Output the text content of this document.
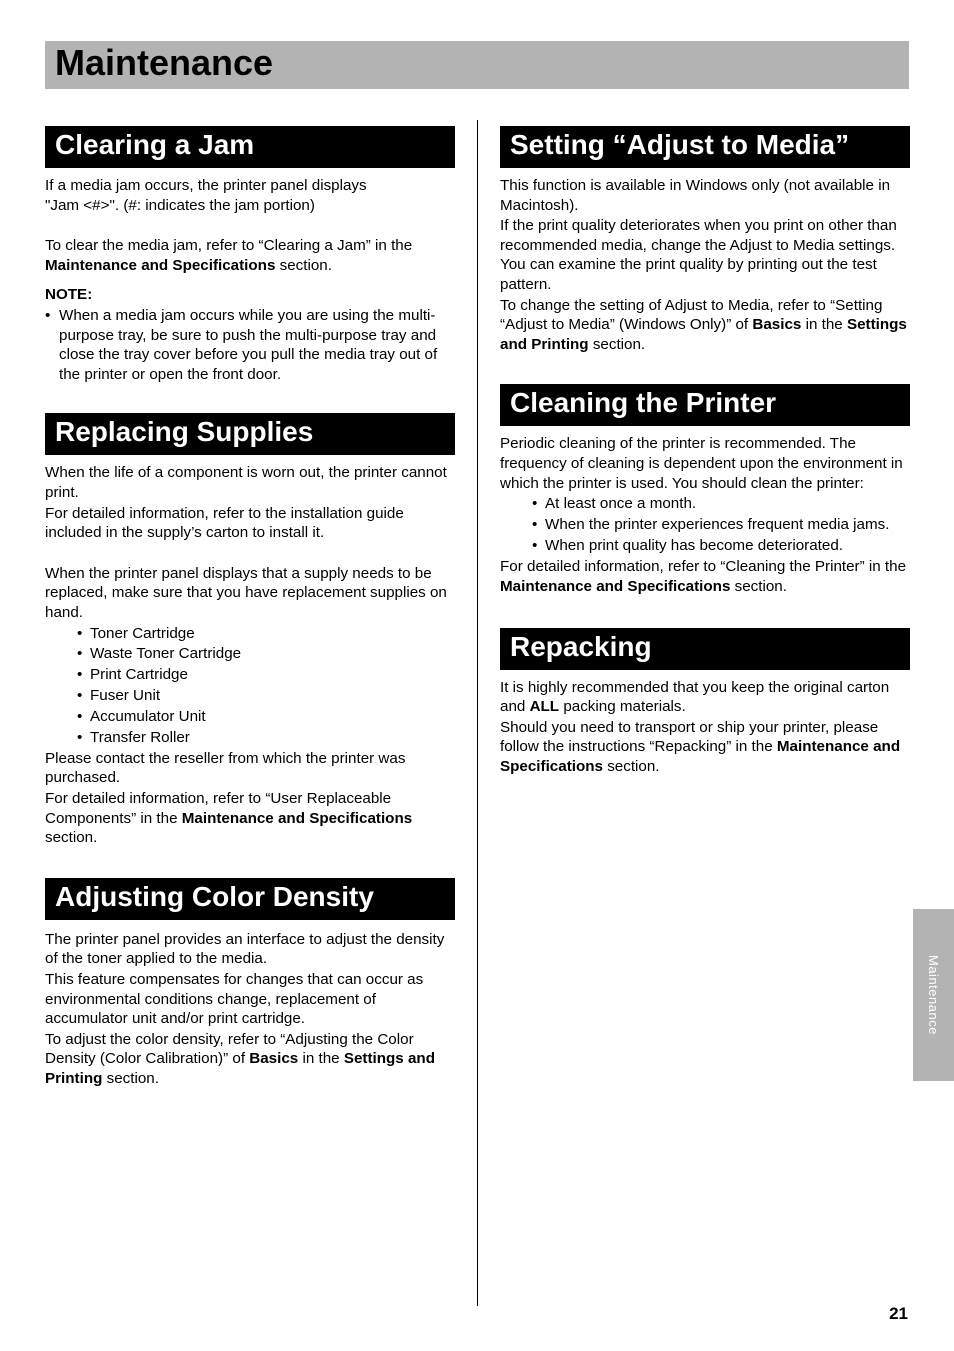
Maintenance
Clearing a Jam

If a media jam occurs, the printer panel displays "Jam <#>". (#: indicates the jam portion)

To clear the media jam, refer to “Clearing a Jam” in the Maintenance and Specifications section.

NOTE:

• When a media jam occurs while you are using the multi-purpose tray, be sure to push the multi-purpose tray and close the tray cover before you pull the media tray out of the printer or open the front door.
Replacing Supplies

When the life of a component is worn out, the printer cannot print.

For detailed information, refer to the installation guide included in the supply’s carton to install it.

When the printer panel displays that a supply needs to be replaced, make sure that you have replacement supplies on hand.

• Toner Cartridge
• Waste Toner Cartridge
• Print Cartridge
• Fuser Unit
• Accumulator Unit
• Transfer Roller

Please contact the reseller from which the printer was purchased.

For detailed information, refer to “User Replaceable Components” in the Maintenance and Specifications section.

Adjusting Color Density

The printer panel provides an interface to adjust the density of the toner applied to the media.

This feature compensates for changes that can occur as environmental conditions change, replacement of accumulator unit and/or print cartridge.

To adjust the color density, refer to “Adjusting the Color Density (Color Calibration)” of Basics in the Settings and Printing section.

Setting “Adjust to Media”

This function is available in Windows only (not available in Macintosh).

If the print quality deteriorates when you print on other than recommended media, change the Adjust to Media settings. You can examine the print quality by printing out the test pattern.

To change the setting of Adjust to Media, refer to “Setting “Adjust to Media” (Windows Only)” of Basics in the Settings and Printing section.

Cleaning the Printer

Periodic cleaning of the printer is recommended. The frequency of cleaning is dependent upon the environment in which the printer is used. You should clean the printer:

• At least once a month.
• When the printer experiences frequent media jams.
• When print quality has become deteriorated.

For detailed information, refer to “Cleaning the Printer” in the Maintenance and Specifications section.

Repacking

It is highly recommended that you keep the original carton and ALL packing materials.

Should you need to transport or ship your printer, please follow the instructions “Repacking” in the Maintenance and Specifications section.

Maintenance
21
